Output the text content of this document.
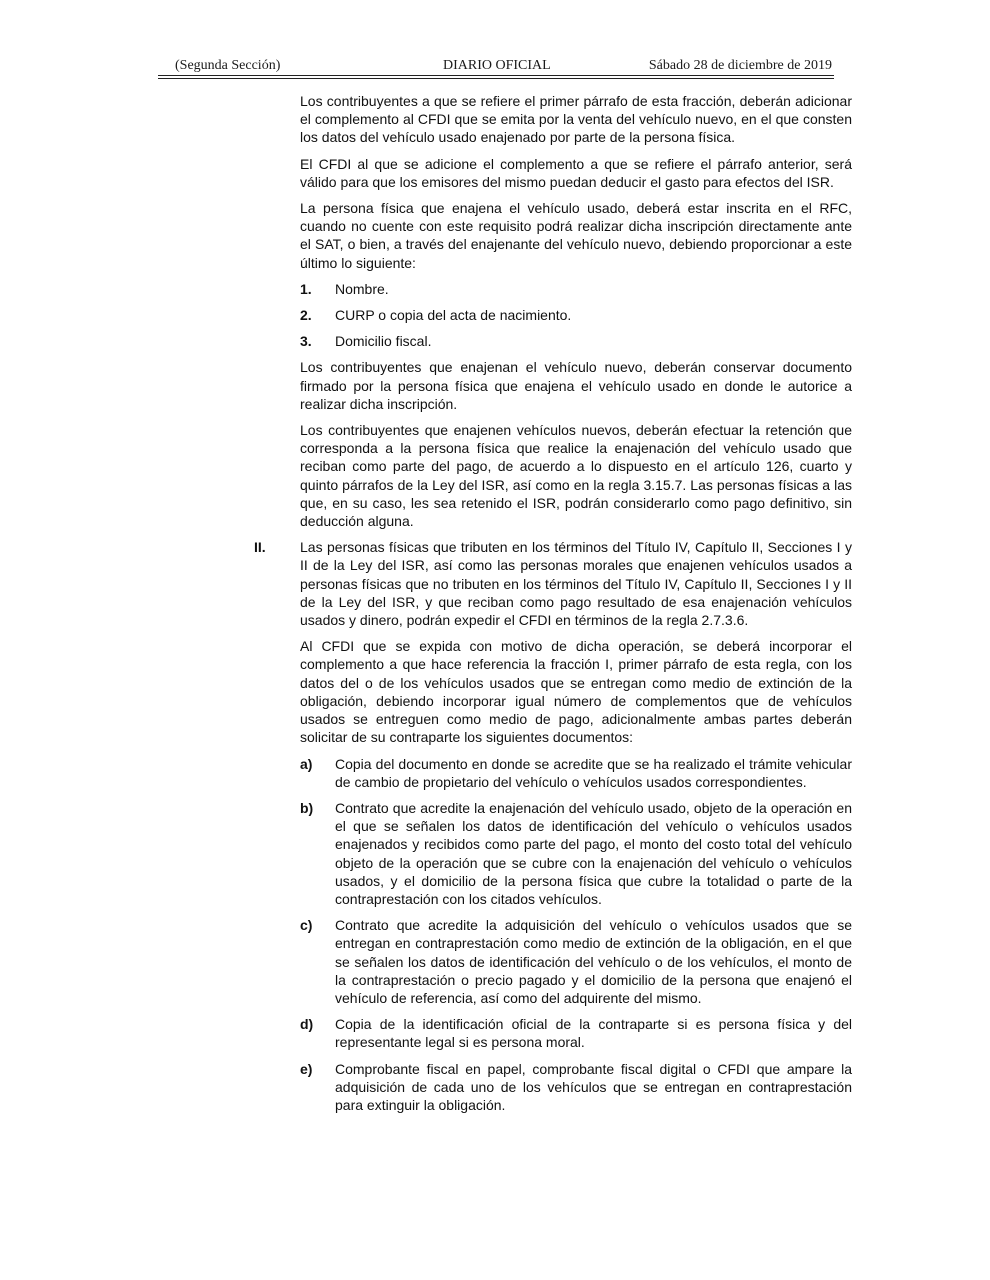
(Segunda Sección)	DIARIO OFICIAL	Sábado 28 de diciembre de 2019

Los contribuyentes a que se refiere el primer párrafo de esta fracción, deberán adicionar el complemento al CFDI que se emita por la venta del vehículo nuevo, en el que consten los datos del vehículo usado enajenado por parte de la persona física.

El CFDI al que se adicione el complemento a que se refiere el párrafo anterior, será válido para que los emisores del mismo puedan deducir el gasto para efectos del ISR.

La persona física que enajena el vehículo usado, deberá estar inscrita en el RFC, cuando no cuente con este requisito podrá realizar dicha inscripción directamente ante el SAT, o bien, a través del enajenante del vehículo nuevo, debiendo proporcionar a este último lo siguiente:

1. Nombre.
2. CURP o copia del acta de nacimiento.
3. Domicilio fiscal.

Los contribuyentes que enajenan el vehículo nuevo, deberán conservar documento firmado por la persona física que enajena el vehículo usado en donde le autorice a realizar dicha inscripción.

Los contribuyentes que enajenen vehículos nuevos, deberán efectuar la retención que corresponda a la persona física que realice la enajenación del vehículo usado que reciban como parte del pago, de acuerdo a lo dispuesto en el artículo 126, cuarto y quinto párrafos de la Ley del ISR, así como en la regla 3.15.7. Las personas físicas a las que, en su caso, les sea retenido el ISR, podrán considerarlo como pago definitivo, sin deducción alguna.

II. Las personas físicas que tributen en los términos del Título IV, Capítulo II, Secciones I y II de la Ley del ISR, así como las personas morales que enajenen vehículos usados a personas físicas que no tributen en los términos del Título IV, Capítulo II, Secciones I y II de la Ley del ISR, y que reciban como pago resultado de esa enajenación vehículos usados y dinero, podrán expedir el CFDI en términos de la regla 2.7.3.6.

Al CFDI que se expida con motivo de dicha operación, se deberá incorporar el complemento a que hace referencia la fracción I, primer párrafo de esta regla, con los datos del o de los vehículos usados que se entregan como medio de extinción de la obligación, debiendo incorporar igual número de complementos que de vehículos usados se entreguen como medio de pago, adicionalmente ambas partes deberán solicitar de su contraparte los siguientes documentos:

a) Copia del documento en donde se acredite que se ha realizado el trámite vehicular de cambio de propietario del vehículo o vehículos usados correspondientes.
b) Contrato que acredite la enajenación del vehículo usado, objeto de la operación en el que se señalen los datos de identificación del vehículo o vehículos usados enajenados y recibidos como parte del pago, el monto del costo total del vehículo objeto de la operación que se cubre con la enajenación del vehículo o vehículos usados, y el domicilio de la persona física que cubre la totalidad o parte de la contraprestación con los citados vehículos.
c) Contrato que acredite la adquisición del vehículo o vehículos usados que se entregan en contraprestación como medio de extinción de la obligación, en el que se señalen los datos de identificación del vehículo o de los vehículos, el monto de la contraprestación o precio pagado y el domicilio de la persona que enajenó el vehículo de referencia, así como del adquirente del mismo.
d) Copia de la identificación oficial de la contraparte si es persona física y del representante legal si es persona moral.
e) Comprobante fiscal en papel, comprobante fiscal digital o CFDI que ampare la adquisición de cada uno de los vehículos que se entregan en contraprestación para extinguir la obligación.
